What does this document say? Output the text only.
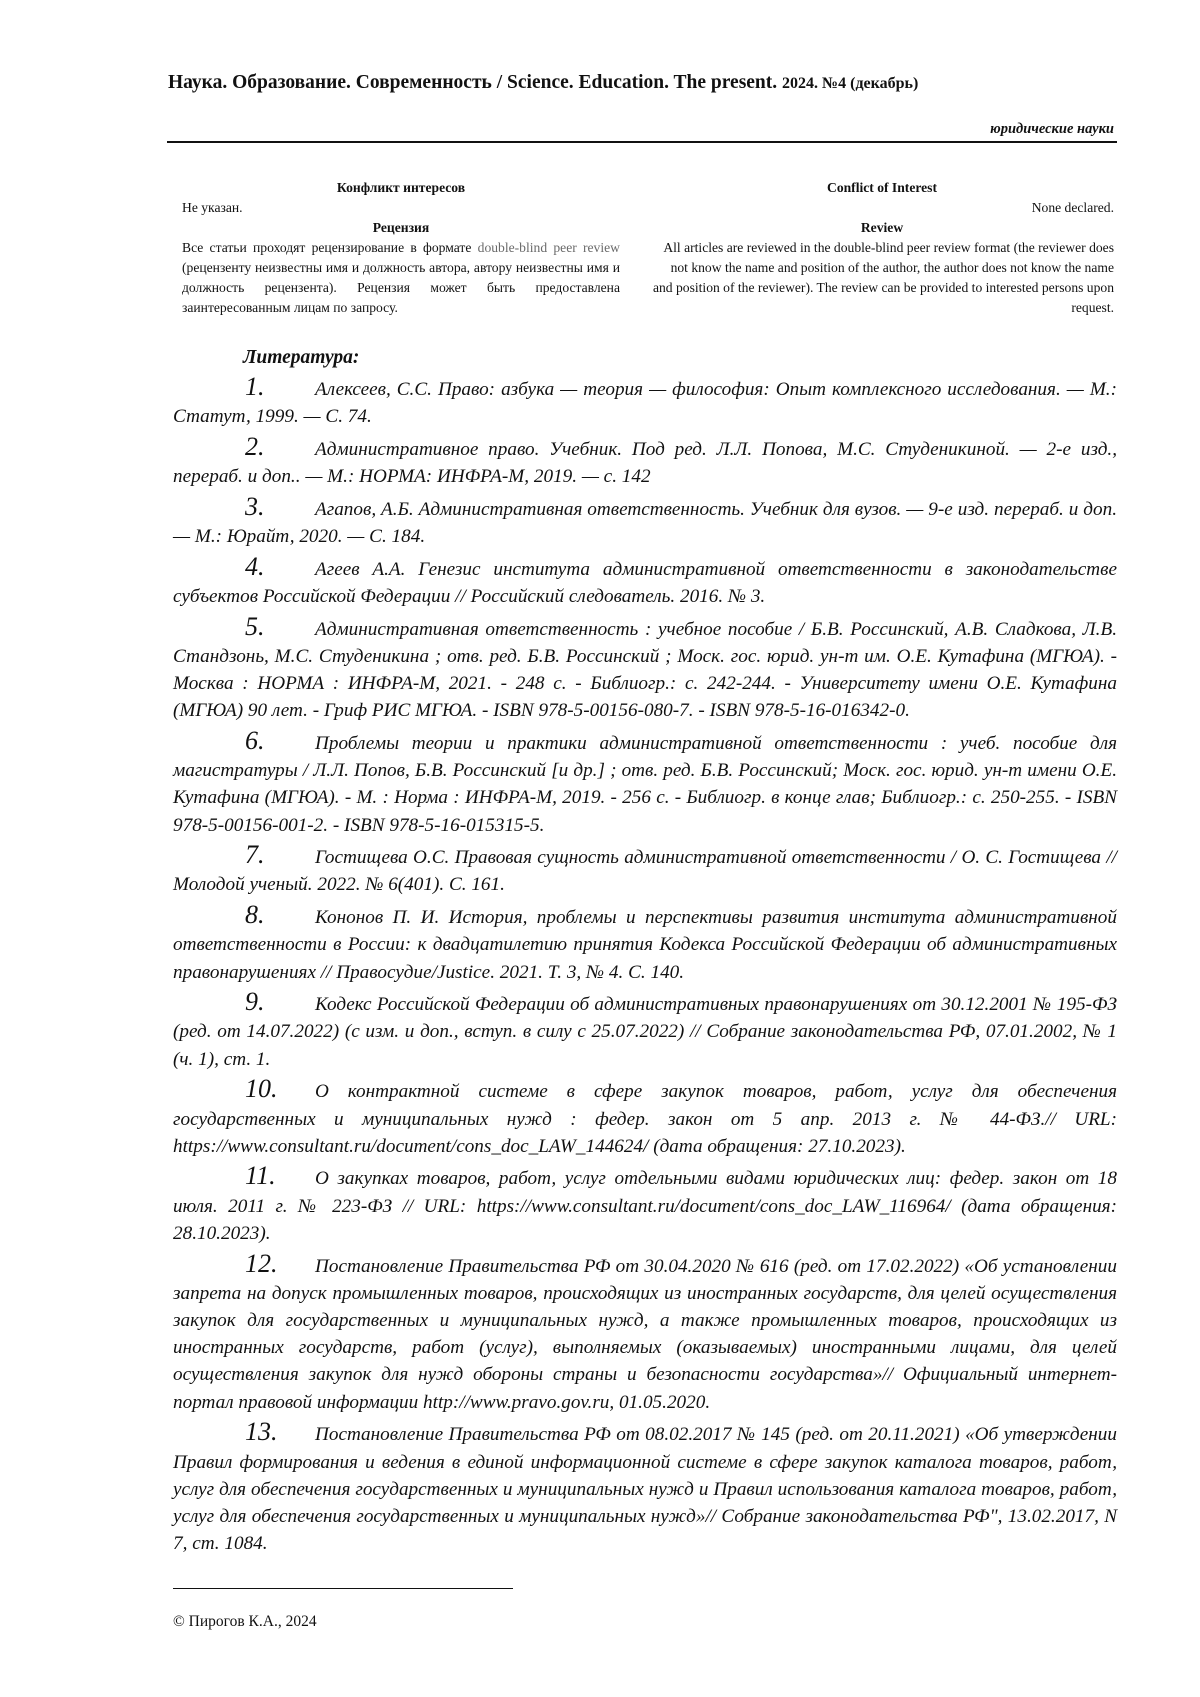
Наука. Образование. Современность / Science. Education. The present. 2024. №4 (декабрь)
юридические науки
Конфликт интересов
Не указан.
Рецензия
Все статьи проходят рецензирование в формате double-blind peer review (рецензенту неизвестны имя и должность автора, автору неизвестны имя и должность рецензента). Рецензия может быть предоставлена заинтересованным лицам по запросу.
Conflict of Interest
None declared.
Review
All articles are reviewed in the double-blind peer review format (the reviewer does not know the name and position of the author, the author does not know the name and position of the reviewer). The review can be provided to interested persons upon request.
Литература:
1.	Алексеев, С.С. Право: азбука — теория — философия: Опыт комплексного исследования. — М.: Статут, 1999. — С. 74.
2.	Административное право. Учебник. Под ред. Л.Л. Попова, М.С. Студеникиной. — 2-е изд., перераб. и доп.. — М.: НОРМА: ИНФРА-М, 2019. — с. 142
3.	Агапов, А.Б. Административная ответственность. Учебник для вузов. — 9-е изд. перераб. и доп. — М.: Юрайт, 2020. — С. 184.
4.	Агеев А.А. Генезис института административной ответственности в законодательстве субъектов Российской Федерации // Российский следователь. 2016. № 3.
5.	Административная ответственность : учебное пособие / Б.В. Россинский, А.В. Сладкова, Л.В. Стандзонь, М.С. Студеникина ; отв. ред. Б.В. Россинский ; Моск. гос. юрид. ун-т им. О.Е. Кутафина (МГЮА). - Москва : НОРМА : ИНФРА-М, 2021. - 248 с. - Библиогр.: с. 242-244. - Университету имени О.Е. Кутафина (МГЮА) 90 лет. - Гриф РИС МГЮА. - ISBN 978-5-00156-080-7. - ISBN 978-5-16-016342-0.
6.	Проблемы теории и практики административной ответственности : учеб. пособие для магистратуры / Л.Л. Попов, Б.В. Россинский [и др.] ; отв. ред. Б.В. Россинский; Моск. гос. юрид. ун-т имени О.Е. Кутафина (МГЮА). - М. : Норма : ИНФРА-М, 2019. - 256 с. - Библиогр. в конце глав; Библиогр.: с. 250-255. - ISBN 978-5-00156-001-2. - ISBN 978-5-16-015315-5.
7.	Гостищева О.С. Правовая сущность административной ответственности / О. С. Гостищева // Молодой ученый. 2022. № 6(401). С. 161.
8.	Кононов П. И. История, проблемы и перспективы развития института административной ответственности в России: к двадцатилетию принятия Кодекса Российской Федерации об административных правонарушениях // Правосудие/Justice. 2021. Т. 3, № 4. С. 140.
9.	Кодекс Российской Федерации об административных правонарушениях от 30.12.2001 № 195-ФЗ (ред. от 14.07.2022) (с изм. и доп., вступ. в силу с 25.07.2022) // Собрание законодательства РФ, 07.01.2002, № 1 (ч. 1), ст. 1.
10. О контрактной системе в сфере закупок товаров, работ, услуг для обеспечения государственных и муниципальных нужд : федер. закон от 5 апр. 2013 г. № 44-ФЗ.// URL: https://www.consultant.ru/document/cons_doc_LAW_144624/ (дата обращения: 27.10.2023).
11. О закупках товаров, работ, услуг отдельными видами юридических лиц: федер. закон от 18 июля. 2011 г. № 223-ФЗ // URL: https://www.consultant.ru/document/cons_doc_LAW_116964/ (дата обращения: 28.10.2023).
12. Постановление Правительства РФ от 30.04.2020 № 616 (ред. от 17.02.2022) «Об установлении запрета на допуск промышленных товаров, происходящих из иностранных государств, для целей осуществления закупок для государственных и муниципальных нужд, а также промышленных товаров, происходящих из иностранных государств, работ (услуг), выполняемых (оказываемых) иностранными лицами, для целей осуществления закупок для нужд обороны страны и безопасности государства»// Официальный интернет-портал правовой информации http://www.pravo.gov.ru, 01.05.2020.
13. Постановление Правительства РФ от 08.02.2017 № 145 (ред. от 20.11.2021) «Об утверждении Правил формирования и ведения в единой информационной системе в сфере закупок каталога товаров, работ, услуг для обеспечения государственных и муниципальных нужд и Правил использования каталога товаров, работ, услуг для обеспечения государственных и муниципальных нужд»// Собрание законодательства РФ", 13.02.2017, N 7, ст. 1084.
© Пирогов К.А., 2024
